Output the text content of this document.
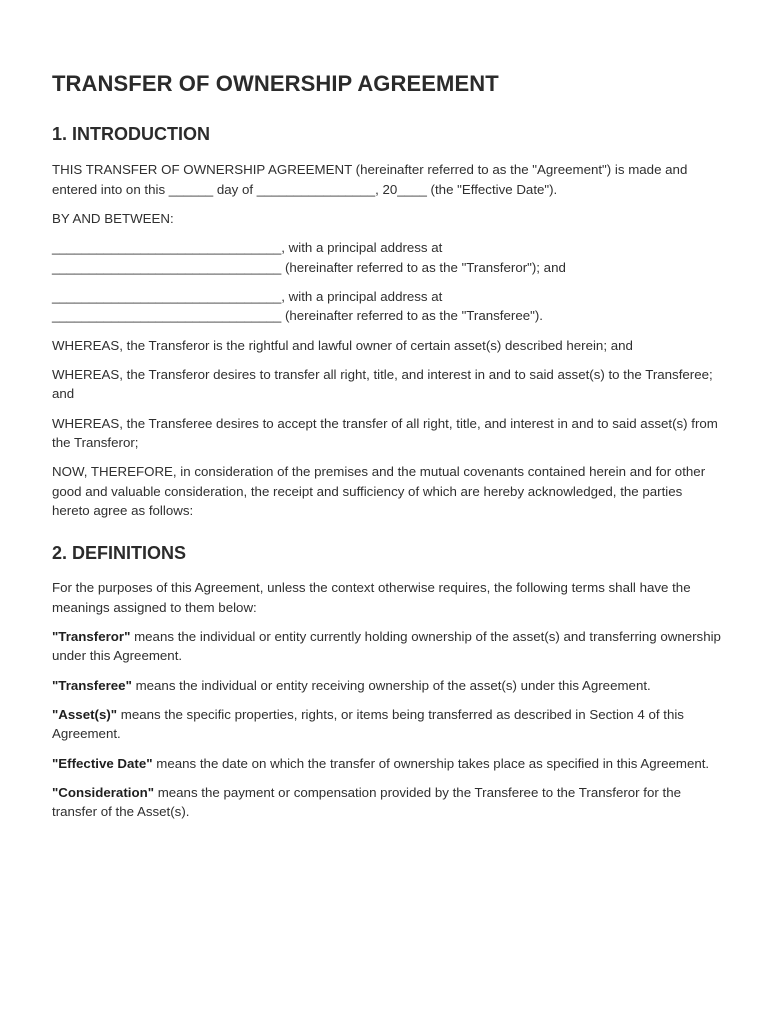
TRANSFER OF OWNERSHIP AGREEMENT
1. INTRODUCTION

THIS TRANSFER OF OWNERSHIP AGREEMENT (hereinafter referred to as the "Agreement") is made and entered into on this ______ day of ________________, 20____ (the "Effective Date").

BY AND BETWEEN:

_______________________________, with a principal address at
_______________________________ (hereinafter referred to as the "Transferor"); and

_______________________________, with a principal address at
_______________________________ (hereinafter referred to as the "Transferee").

WHEREAS, the Transferor is the rightful and lawful owner of certain asset(s) described herein; and

WHEREAS, the Transferor desires to transfer all right, title, and interest in and to said asset(s) to the Transferee; and

WHEREAS, the Transferee desires to accept the transfer of all right, title, and interest in and to said asset(s) from the Transferor;

NOW, THEREFORE, in consideration of the premises and the mutual covenants contained herein and for other good and valuable consideration, the receipt and sufficiency of which are hereby acknowledged, the parties hereto agree as follows:

2. DEFINITIONS

For the purposes of this Agreement, unless the context otherwise requires, the following terms shall have the meanings assigned to them below:

"Transferor" means the individual or entity currently holding ownership of the asset(s) and transferring ownership under this Agreement.

"Transferee" means the individual or entity receiving ownership of the asset(s) under this Agreement.

"Asset(s)" means the specific properties, rights, or items being transferred as described in Section 4 of this Agreement.

"Effective Date" means the date on which the transfer of ownership takes place as specified in this Agreement.

"Consideration" means the payment or compensation provided by the Transferee to the Transferor for the transfer of the Asset(s).
